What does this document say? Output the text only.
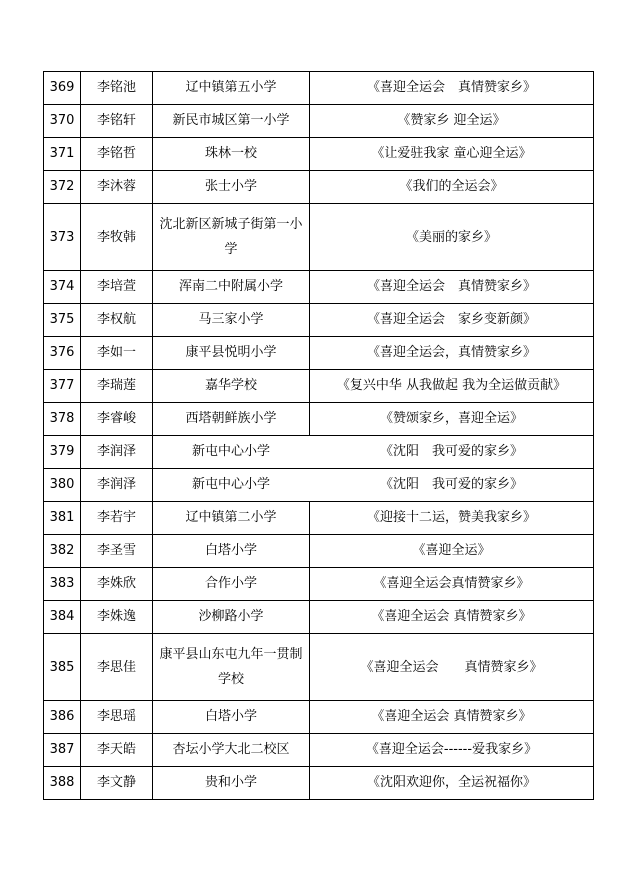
369	李铭池	辽中镇第五小学	《喜迎全运会　真情赞家乡》
370	李铭轩	新民市城区第一小学	《赞家乡 迎全运》
371	李铭哲	珠林一校	《让爱驻我家 童心迎全运》
372	李沐蓉	张士小学	《我们的全运会》
373	李牧韩	沈北新区新城子街第一小学	《美丽的家乡》
374	李培萱	浑南二中附属小学	《喜迎全运会　真情赞家乡》
375	李权航	马三家小学	《喜迎全运会　家乡变新颜》
376	李如一	康平县悦明小学	《喜迎全运会，真情赞家乡》
377	李瑞莲	嘉华学校	《复兴中华 从我做起 我为全运做贡献》
378	李睿峻	西塔朝鲜族小学	《赞颂家乡，喜迎全运》
379	李润泽	新屯中心小学	《沈阳　我可爱的家乡》
380	李润泽	新屯中心小学	《沈阳　我可爱的家乡》
381	李若宇	辽中镇第二小学	《迎接十二运，赞美我家乡》
382	李圣雪	白塔小学	《喜迎全运》
383	李姝欣	合作小学	《喜迎全运会真情赞家乡》
384	李姝逸	沙柳路小学	《喜迎全运会 真情赞家乡》
385	李思佳	康平县山东屯九年一贯制学校	《喜迎全运会　　真情赞家乡》
386	李思瑶	白塔小学	《喜迎全运会 真情赞家乡》
387	李天皓	杏坛小学大北二校区	《喜迎全运会------爱我家乡》
388	李文静	贵和小学	《沈阳欢迎你，全运祝福你》
